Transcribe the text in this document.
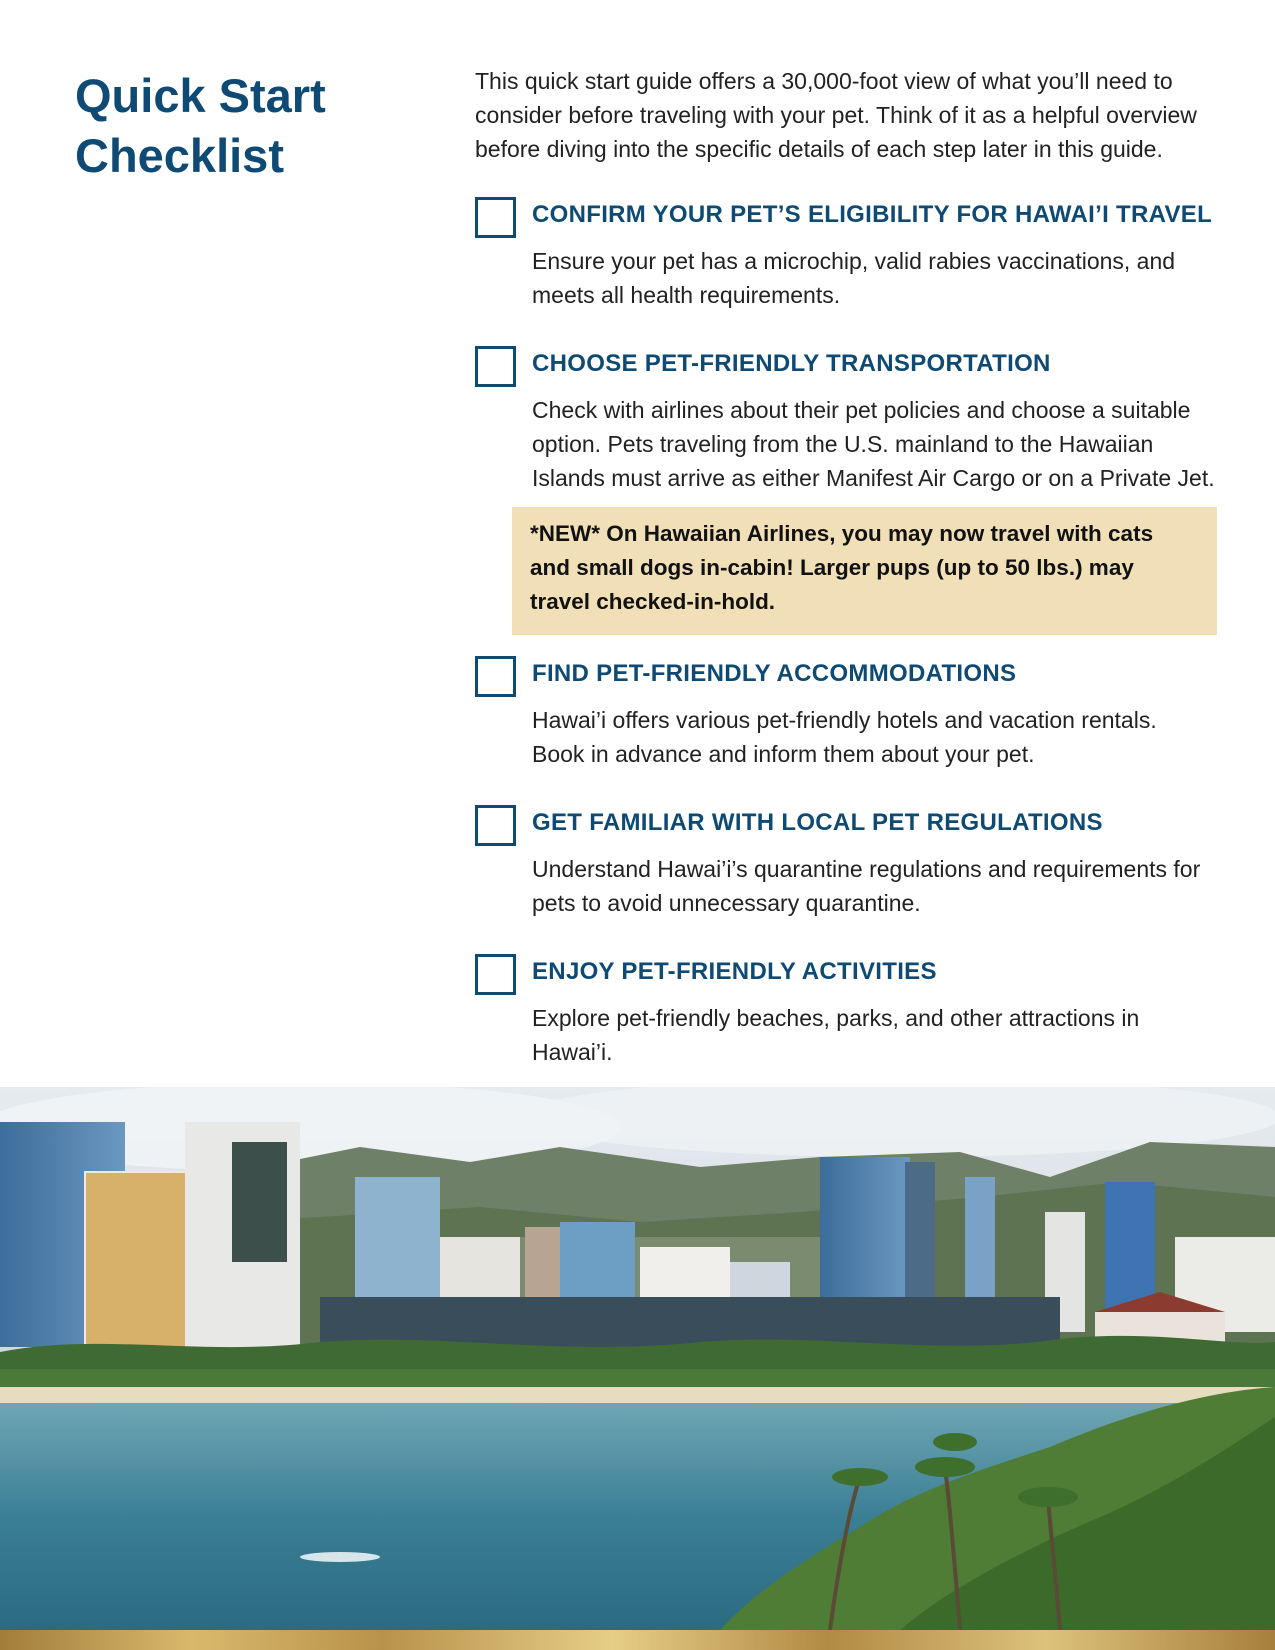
Quick Start
Checklist

This quick start guide offers a 30,000-foot view of what you’ll need to consider before traveling with your pet. Think of it as a helpful overview before diving into the specific details of each step later in this guide.

CONFIRM YOUR PET’S ELIGIBILITY FOR HAWAI’I TRAVEL

Ensure your pet has a microchip, valid rabies vaccinations, and meets all health requirements.

CHOOSE PET-FRIENDLY TRANSPORTATION

Check with airlines about their pet policies and choose a suitable option. Pets traveling from the U.S. mainland to the Hawaiian Islands must arrive as either Manifest Air Cargo or on a Private Jet.

*NEW* On Hawaiian Airlines, you may now travel with cats and small dogs in-cabin! Larger pups (up to 50 lbs.) may travel checked-in-hold.
FIND PET-FRIENDLY ACCOMMODATIONS

Hawai’i offers various pet-friendly hotels and vacation rentals. Book in advance and inform them about your pet.

GET FAMILIAR WITH LOCAL PET REGULATIONS

Understand Hawai’i’s quarantine regulations and requirements for pets to avoid unnecessary quarantine.

ENJOY PET-FRIENDLY ACTIVITIES

Explore pet-friendly beaches, parks, and other attractions in Hawai’i.
